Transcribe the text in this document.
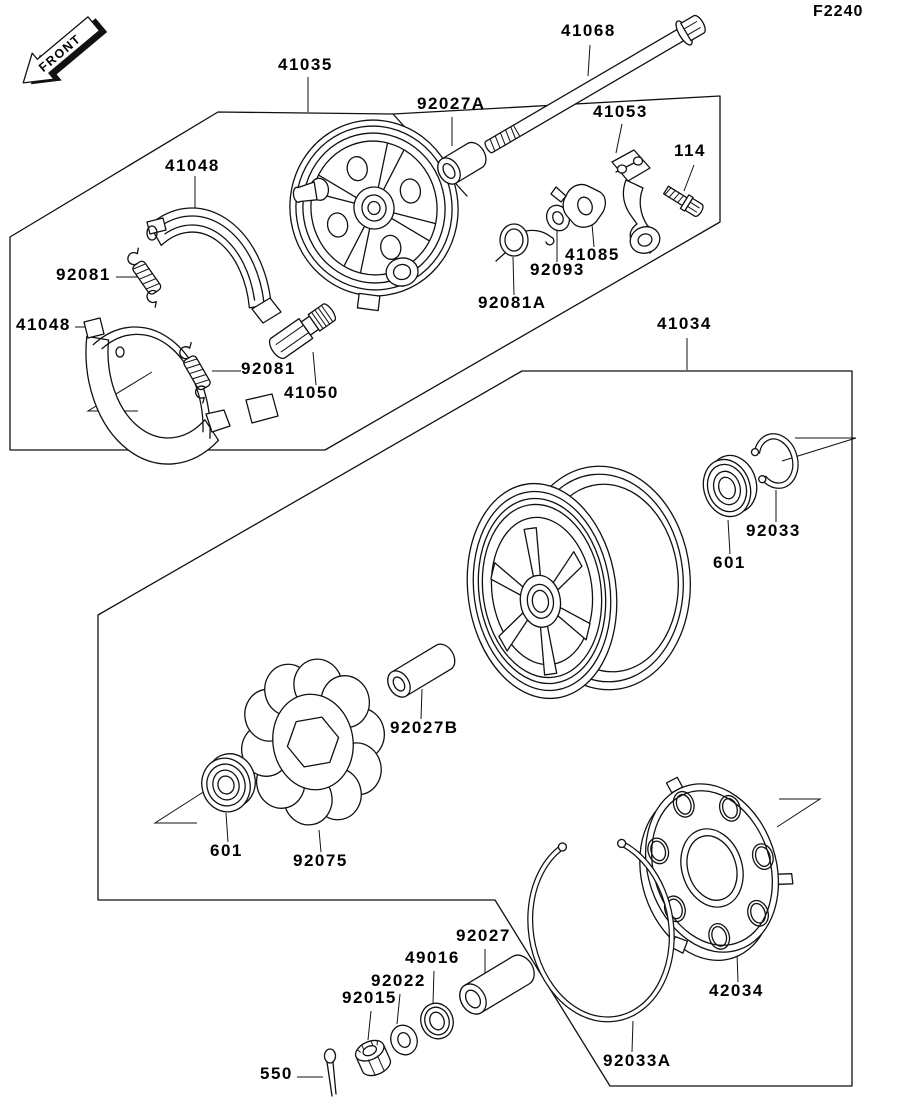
FRONT
F2240
41068
41035
92027A	41053
114
41048
92081
41048
92081
41050
92093
41085
92081A
41034
92033
601
92027B
601
92075
92027
49016
92022
92015
550
42034
92033A
